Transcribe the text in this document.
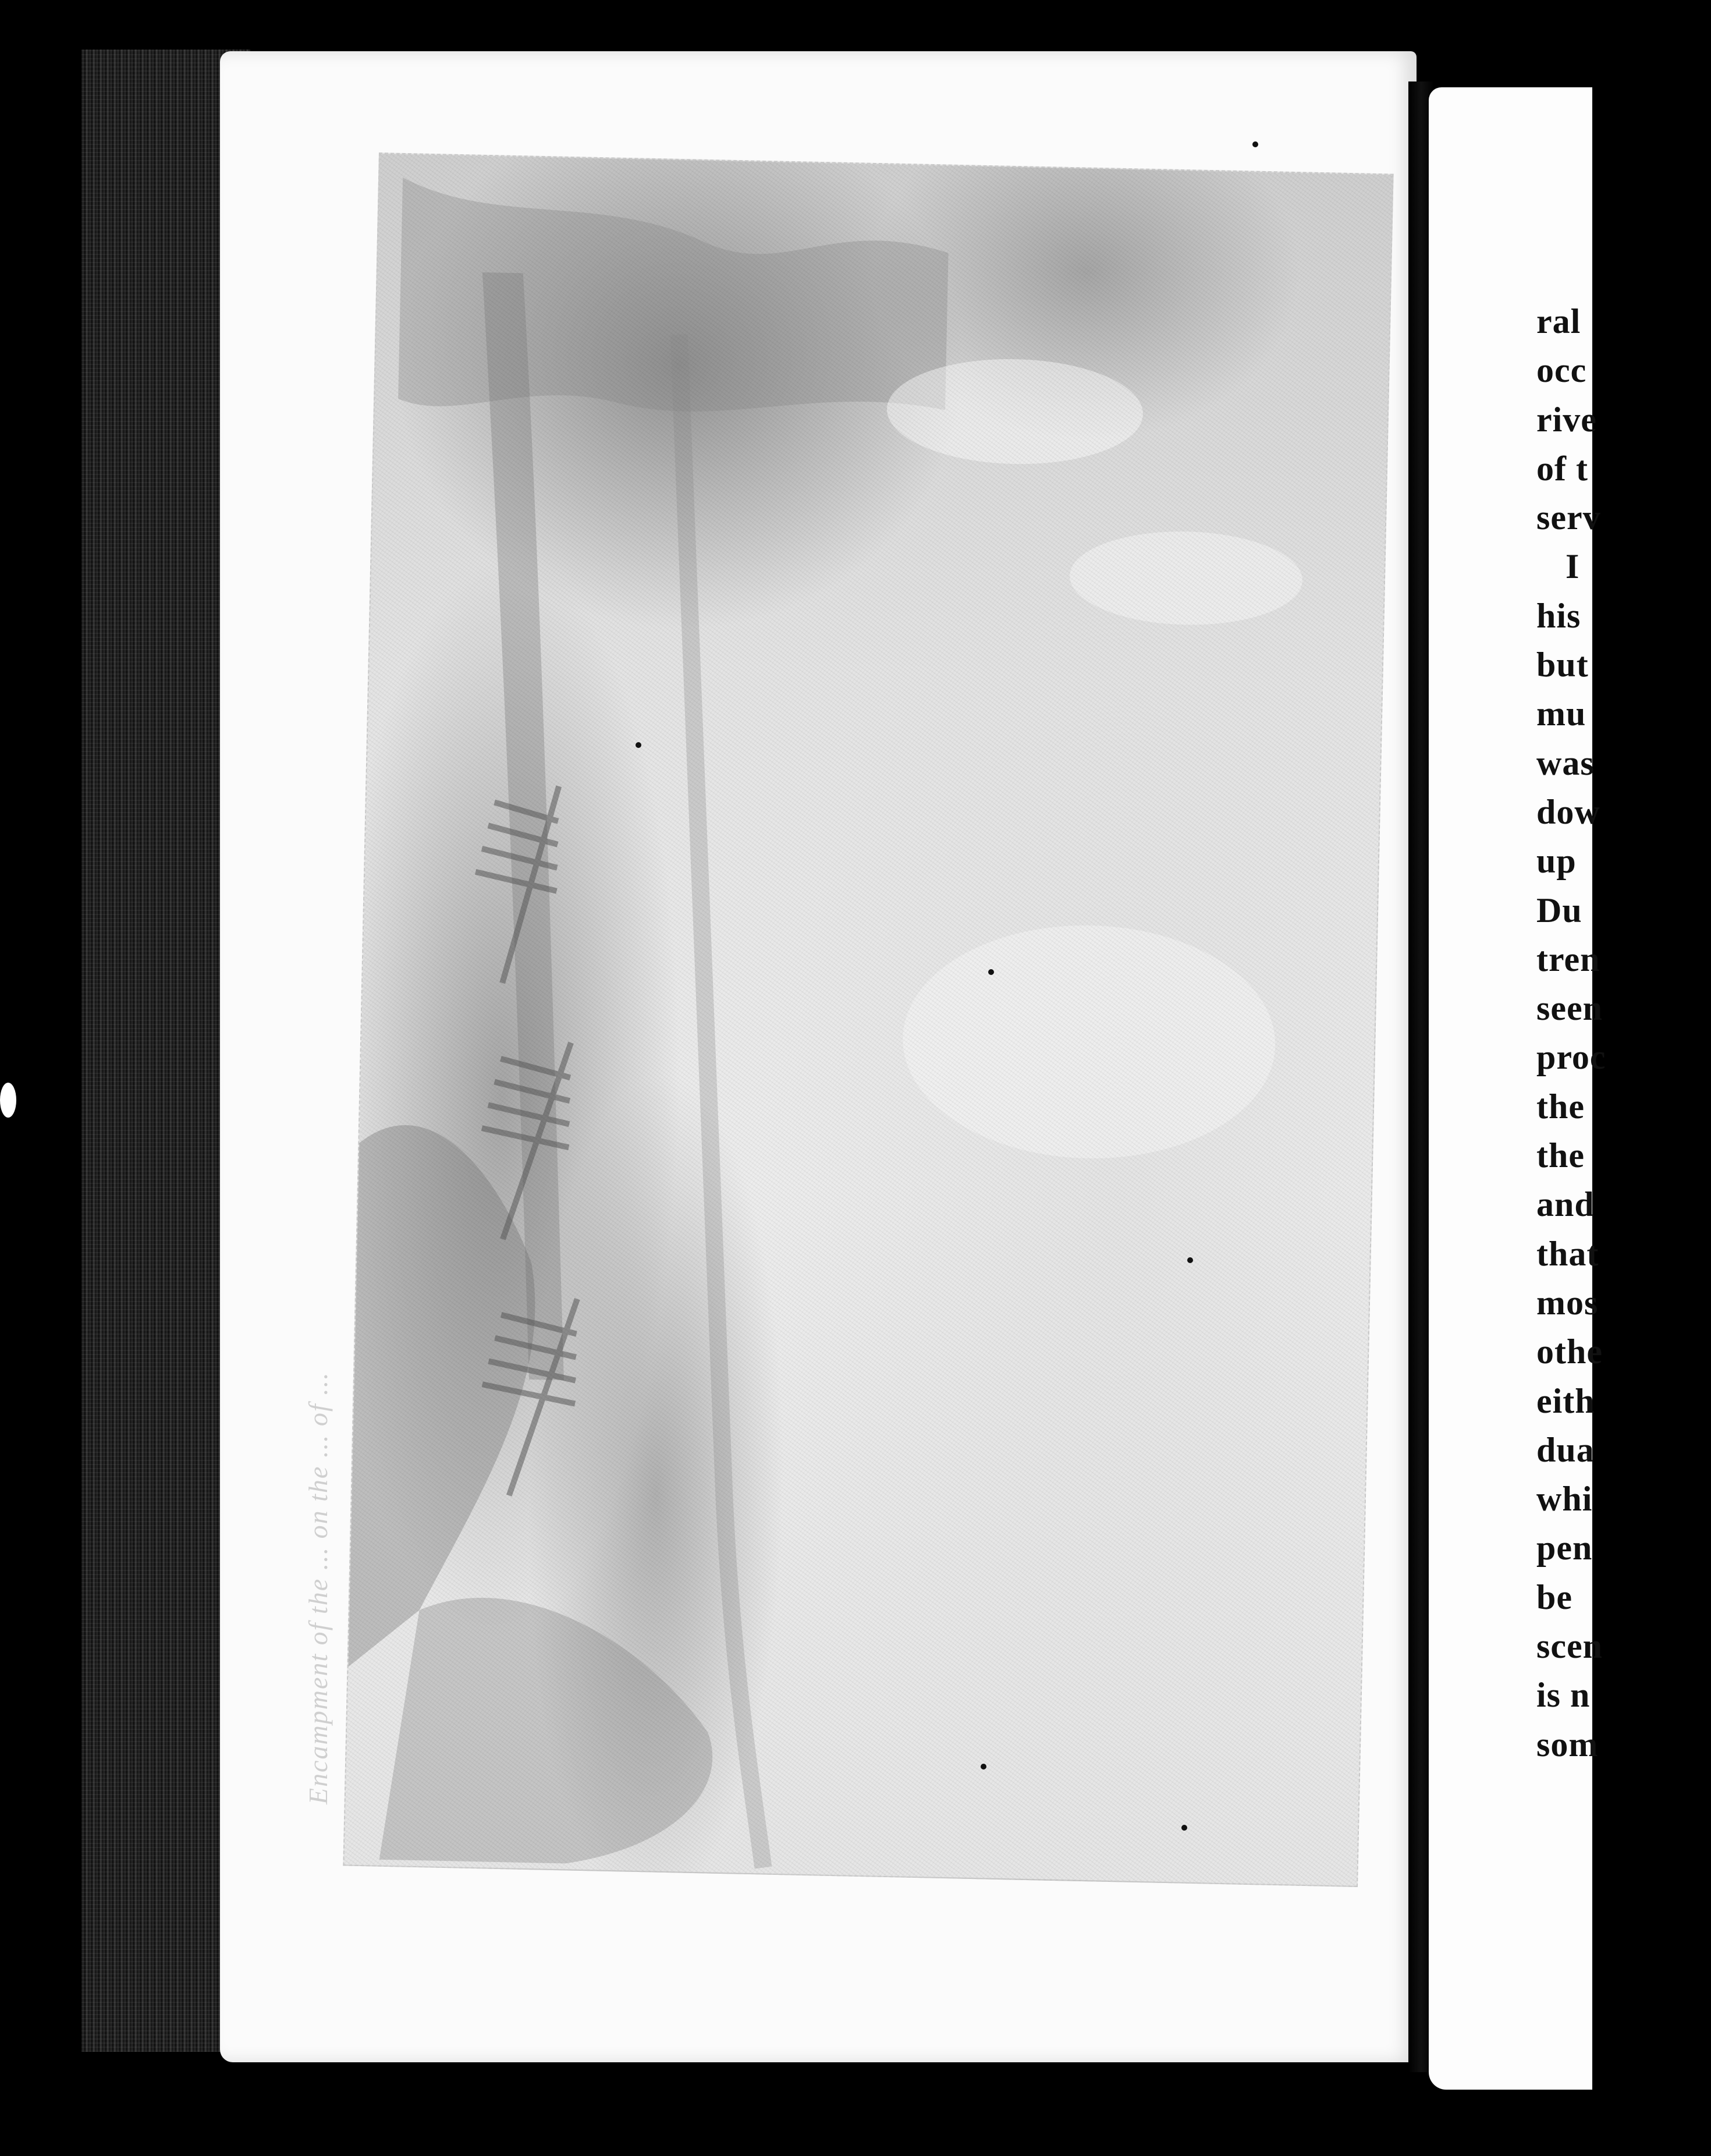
Encampment of the ... on the ... of ...
ral
occ
rive
of t
serv
I
his
but
mu
was
dow
up
Du
tren
seen
proc
the
the
and
that
mos
othe
eith
dua
whi
pen
be
scen
is n
som
